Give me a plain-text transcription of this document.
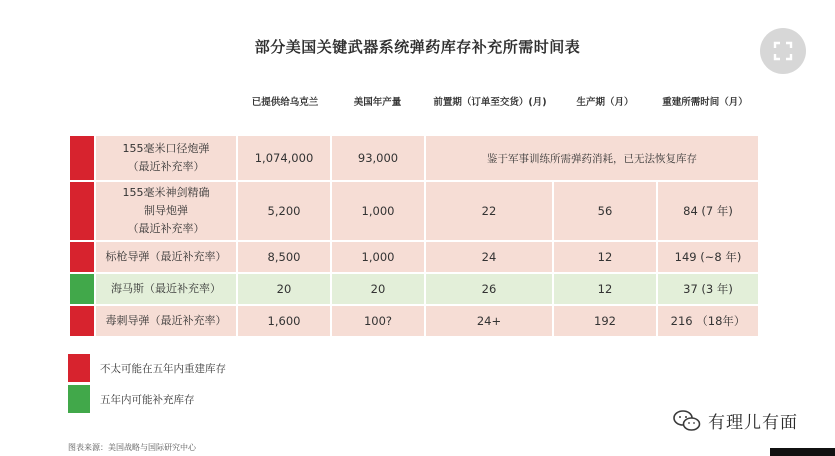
部分美国关键武器系统弹药库存补充所需时间表
已提供给乌克兰	美国年产量	前置期（订单至交货）(月)	生产期（月）	重建所需时间（月）
	155毫米口径炮弹
（最近补充率）	1,074,000	93,000	鉴于军事训练所需弹药消耗，已无法恢复库存		
	155毫米神剑精确
制导炮弹
（最近补充率）	5,200	1,000	22	56	84 (7 年)
	标枪导弹（最近补充率）	8,500	1,000	24	12	149 (~8 年)
	海马斯（最近补充率）	20	20	26	12	37 (3 年)
	毒刺导弹（最近补充率）	1,600	100?	24+	192	216 （18年）
不太可能在五年内重建库存
五年内可能补充库存
图表来源：美国战略与国际研究中心
有理儿有面
